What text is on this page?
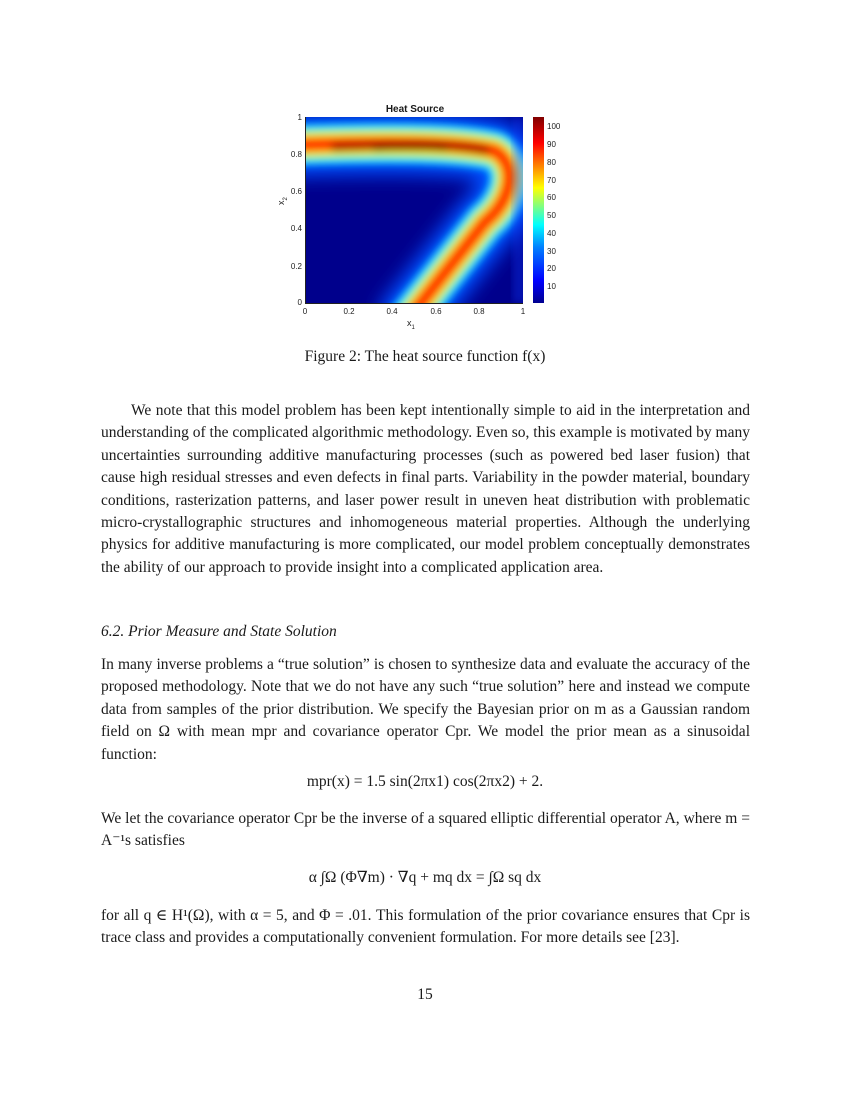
Heat Source
1
0.8
0.6
0.4
0.2
0
0	0.2	0.4	0.6	0.8	1
$x_1$
$x_2$
100
90
80
70
60
50
40
30
20
10
Figure 2: The heat source function f(x)

We note that this model problem has been kept intentionally simple to aid in the interpretation and understanding of the complicated algorithmic methodology. Even so, this example is motivated by many uncertainties surrounding additive manufacturing processes (such as powered bed laser fusion) that cause high residual stresses and even defects in final parts. Variability in the powder material, boundary conditions, rasterization patterns, and laser power result in uneven heat distribution with problematic micro-crystallographic structures and inhomogeneous material properties. Although the underlying physics for additive manufacturing is more complicated, our model problem conceptually demonstrates the ability of our approach to provide insight into a complicated application area.

6.2. Prior Measure and State Solution

In many inverse problems a “true solution” is chosen to synthesize data and evaluate the accuracy of the proposed methodology. Note that we do not have any such “true solution” here and instead we compute data from samples of the prior distribution. We specify the Bayesian prior on m as a Gaussian random field on Ω with mean mpr and covariance operator Cpr. We model the prior mean as a sinusoidal function:

mpr(x) = 1.5 sin(2πx1) cos(2πx2) + 2.

We let the covariance operator Cpr be the inverse of a squared elliptic differential operator A, where m = A⁻¹s satisfies

α ∫Ω (Φ∇m) · ∇q + mq dx = ∫Ω sq dx

for all q ∈ H¹(Ω), with α = 5, and Φ = .01. This formulation of the prior covariance ensures that Cpr is trace class and provides a computationally convenient formulation. For more details see [23].

15
